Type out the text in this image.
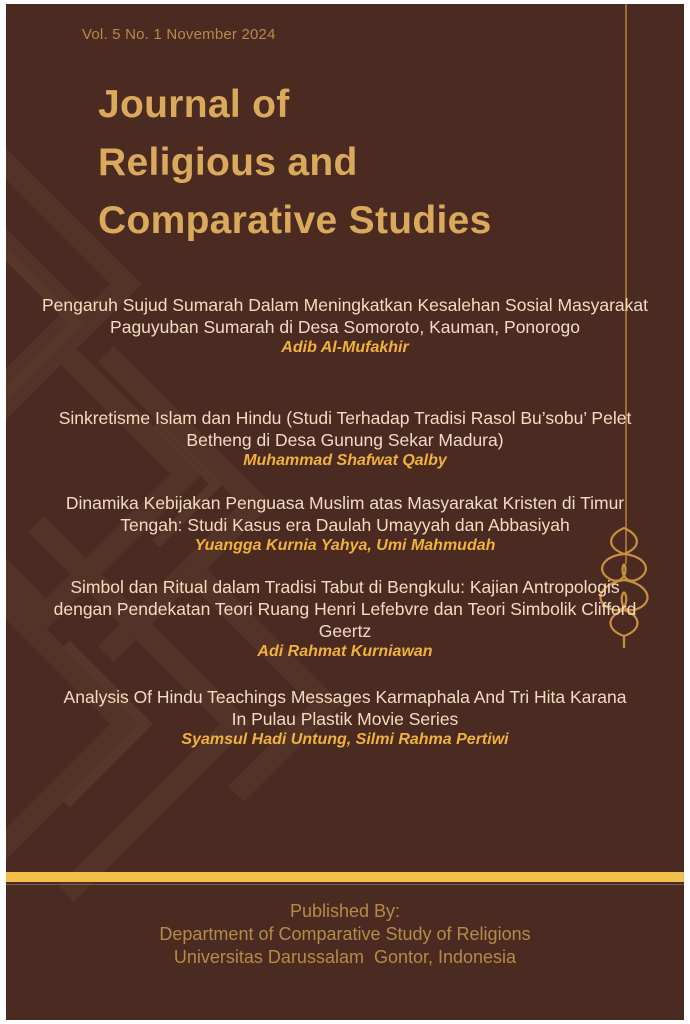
Vol. 5 No. 1 November 2024
Journal of
Religious and
Comparative Studies
Pengaruh Sujud Sumarah Dalam Meningkatkan Kesalehan Sosial Masyarakat
Paguyuban Sumarah di Desa Somoroto, Kauman, Ponorogo
Adib Al-Mufakhir
Sinkretisme Islam dan Hindu (Studi Terhadap Tradisi Rasol Bu’sobu’ Pelet
Betheng di Desa Gunung Sekar Madura)
Muhammad Shafwat Qalby
Dinamika Kebijakan Penguasa Muslim atas Masyarakat Kristen di Timur
Tengah: Studi Kasus era Daulah Umayyah dan Abbasiyah
Yuangga Kurnia Yahya, Umi Mahmudah
Simbol dan Ritual dalam Tradisi Tabut di Bengkulu: Kajian Antropologis
dengan Pendekatan Teori Ruang Henri Lefebvre dan Teori Simbolik Clifford
Geertz
Adi Rahmat Kurniawan
Analysis Of Hindu Teachings Messages Karmaphala And Tri Hita Karana
In Pulau Plastik Movie Series
Syamsul Hadi Untung, Silmi Rahma Pertiwi
Published By:
Department of Comparative Study of Religions
Universitas Darussalam  Gontor, Indonesia
